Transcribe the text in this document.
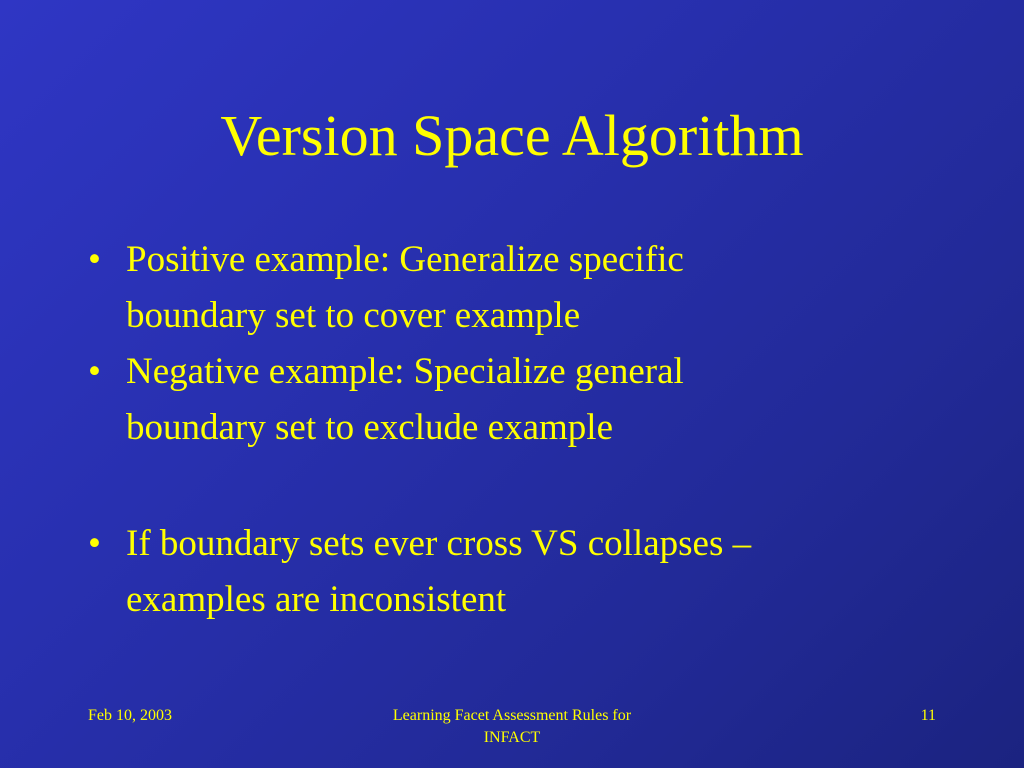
Version Space Algorithm
• Positive example: Generalize specific
boundary set to cover example
• Negative example: Specialize general
boundary set to exclude example
• If boundary sets ever cross VS collapses –
examples are inconsistent
Feb 10, 2003	Learning Facet Assessment Rules for
INFACT
11
